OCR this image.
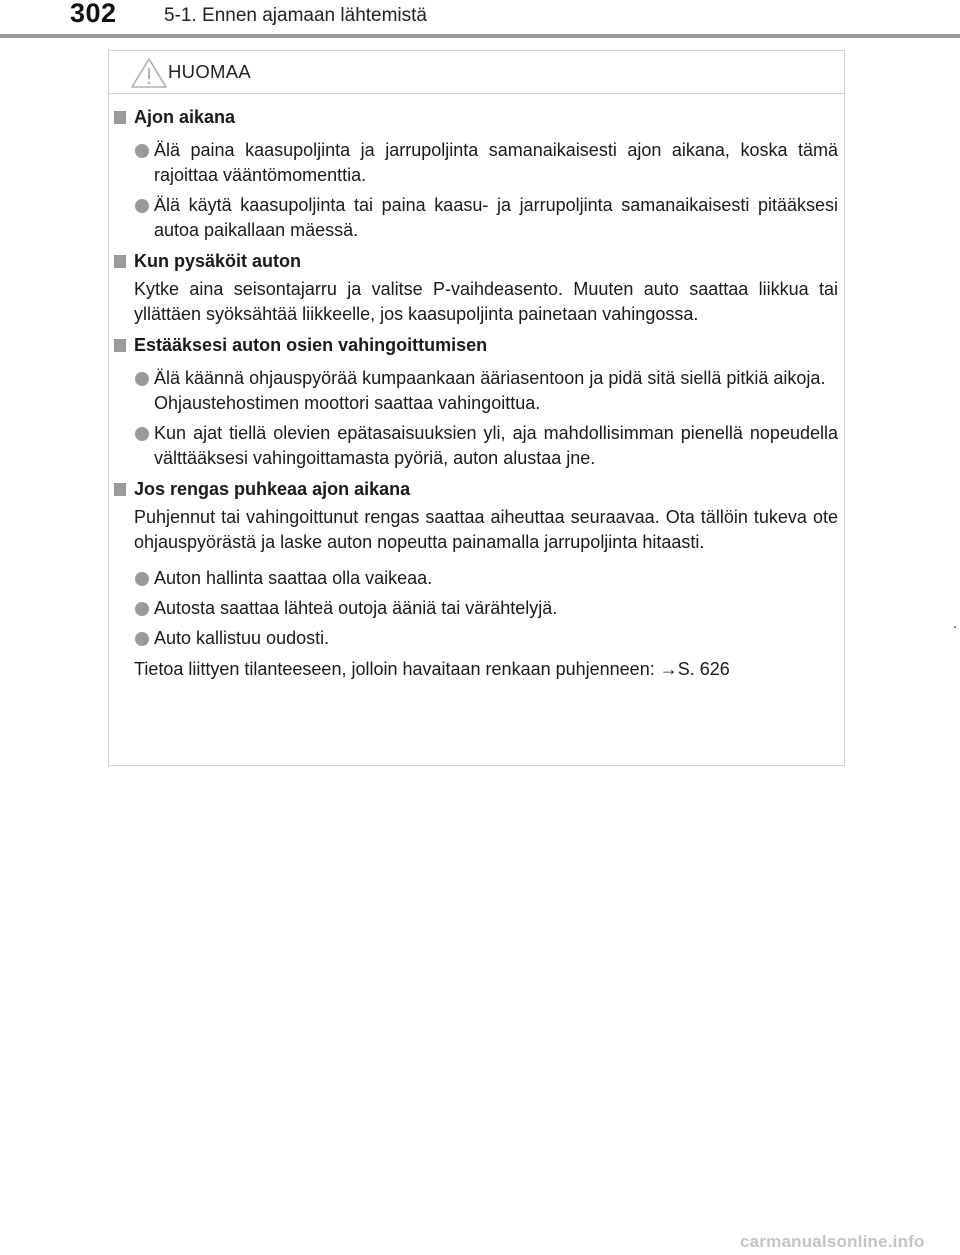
302 5-1. Ennen ajamaan lähtemistä
HUOMAA
Ajon aikana
Älä paina kaasupoljinta ja jarrupoljinta samanaikaisesti ajon aikana, koska tämä rajoittaa vääntömomenttia.
Älä käytä kaasupoljinta tai paina kaasu- ja jarrupoljinta samanaikaisesti pitääksesi autoa paikallaan mäessä.
Kun pysäköit auton
Kytke aina seisontajarru ja valitse P-vaihdeasento. Muuten auto saattaa liikkua tai yllättäen syöksähtää liikkeelle, jos kaasupoljinta painetaan vahingossa.
Estääksesi auton osien vahingoittumisen
Älä käännä ohjauspyörää kumpaankaan ääriasentoon ja pidä sitä siellä pitkiä aikoja.
Ohjaustehostimen moottori saattaa vahingoittua.
Kun ajat tiellä olevien epätasaisuuksien yli, aja mahdollisimman pienellä nopeudella välttääksesi vahingoittamasta pyöriä, auton alustaa jne.
Jos rengas puhkeaa ajon aikana
Puhjennut tai vahingoittunut rengas saattaa aiheuttaa seuraavaa. Ota tällöin tukeva ote ohjauspyörästä ja laske auton nopeutta painamalla jarrupoljinta hitaasti.
Auton hallinta saattaa olla vaikeaa.
Autosta saattaa lähteä outoja ääniä tai värähtelyjä.
Auto kallistuu oudosti.
Tietoa liittyen tilanteeseen, jolloin havaitaan renkaan puhjenneen: →S. 626
carmanualsonline.info
